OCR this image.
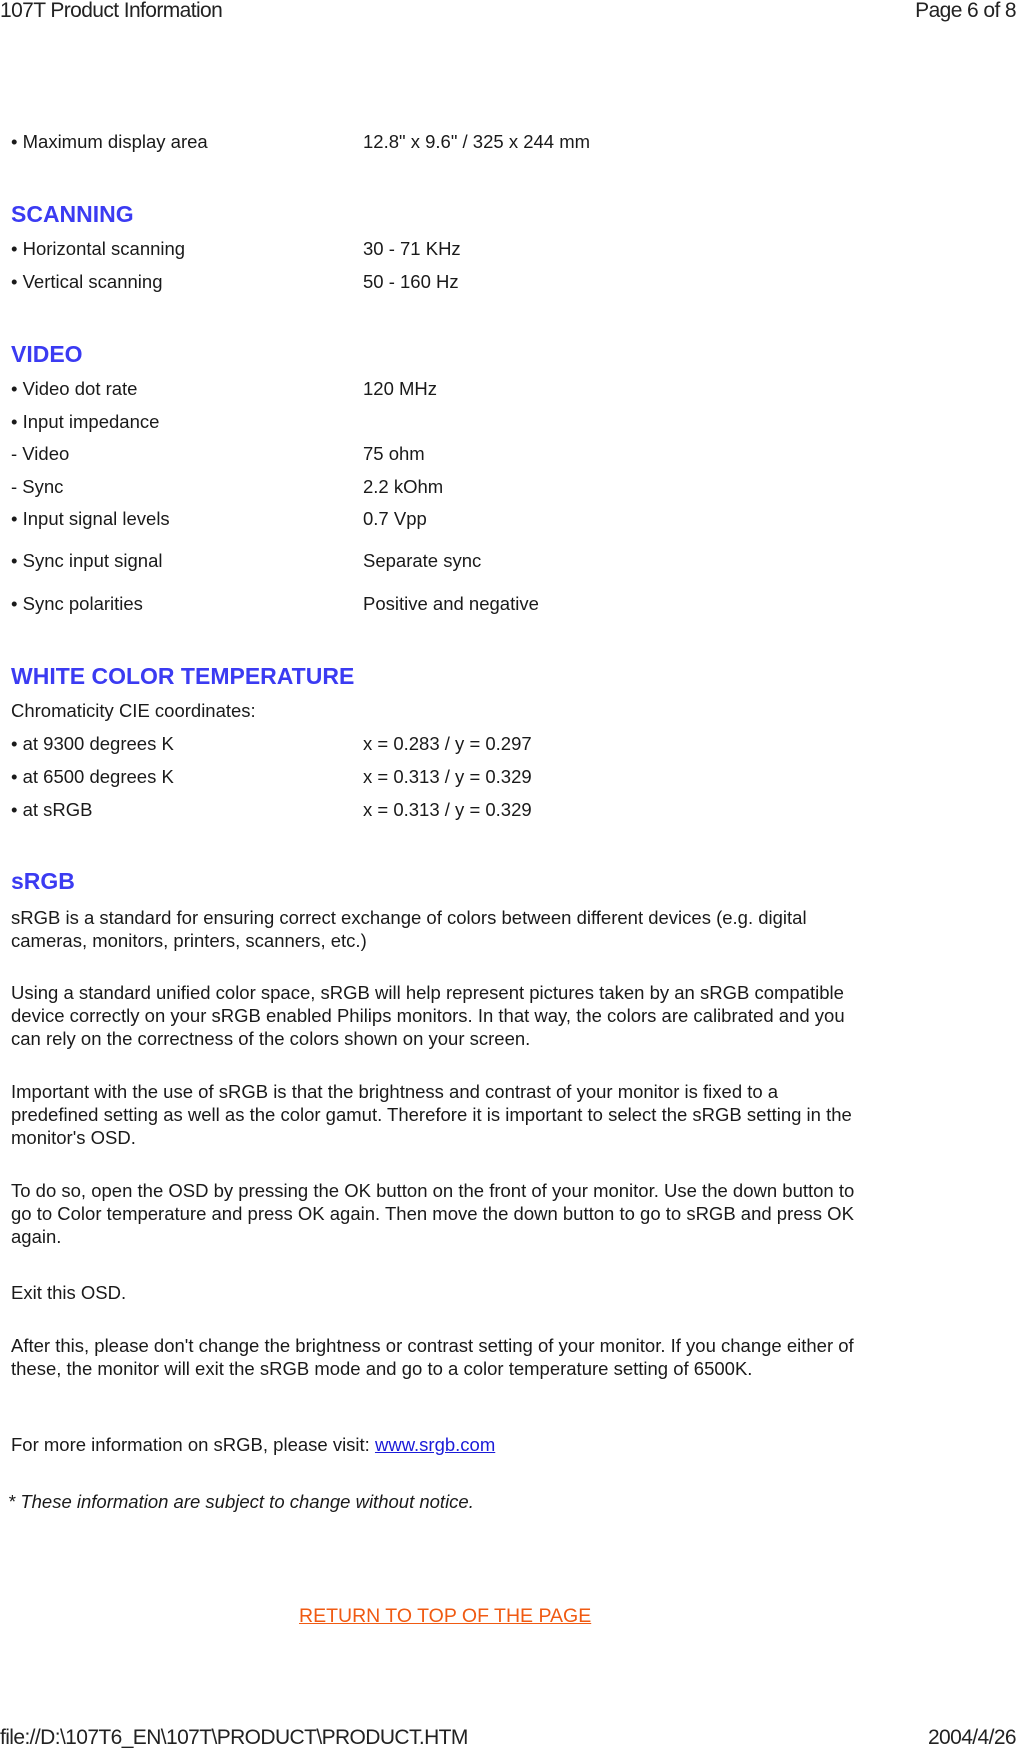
107T Product Information	Page 6 of 8
• Maximum display area	12.8" x 9.6" / 325 x 244 mm
SCANNING
• Horizontal scanning	30 - 71 KHz
• Vertical scanning	50 - 160 Hz
VIDEO
• Video dot rate	120 MHz
• Input impedance
- Video	75 ohm
- Sync	2.2 kOhm
• Input signal levels	0.7 Vpp
• Sync input signal	Separate sync
• Sync polarities	Positive and negative
WHITE COLOR TEMPERATURE
Chromaticity CIE coordinates:
• at 9300 degrees K	x = 0.283 / y = 0.297
• at 6500 degrees K	x = 0.313 / y = 0.329
• at sRGB	x = 0.313 / y = 0.329
sRGB
sRGB is a standard for ensuring correct exchange of colors between different devices (e.g. digital cameras, monitors, printers, scanners, etc.)
Using a standard unified color space, sRGB will help represent pictures taken by an sRGB compatible device correctly on your sRGB enabled Philips monitors. In that way, the colors are calibrated and you can rely on the correctness of the colors shown on your screen.
Important with the use of sRGB is that the brightness and contrast of your monitor is fixed to a predefined setting as well as the color gamut. Therefore it is important to select the sRGB setting in the monitor's OSD.
To do so, open the OSD by pressing the OK button on the front of your monitor. Use the down button to go to Color temperature and press OK again. Then move the down button to go to sRGB and press OK again.
Exit this OSD.
After this, please don't change the brightness or contrast setting of your monitor. If you change either of these, the monitor will exit the sRGB mode and go to a color temperature setting of 6500K.
For more information on sRGB, please visit: www.srgb.com
* These information are subject to change without notice.
RETURN TO TOP OF THE PAGE
file://D:\107T6_EN\107T\PRODUCT\PRODUCT.HTM	2004/4/26
